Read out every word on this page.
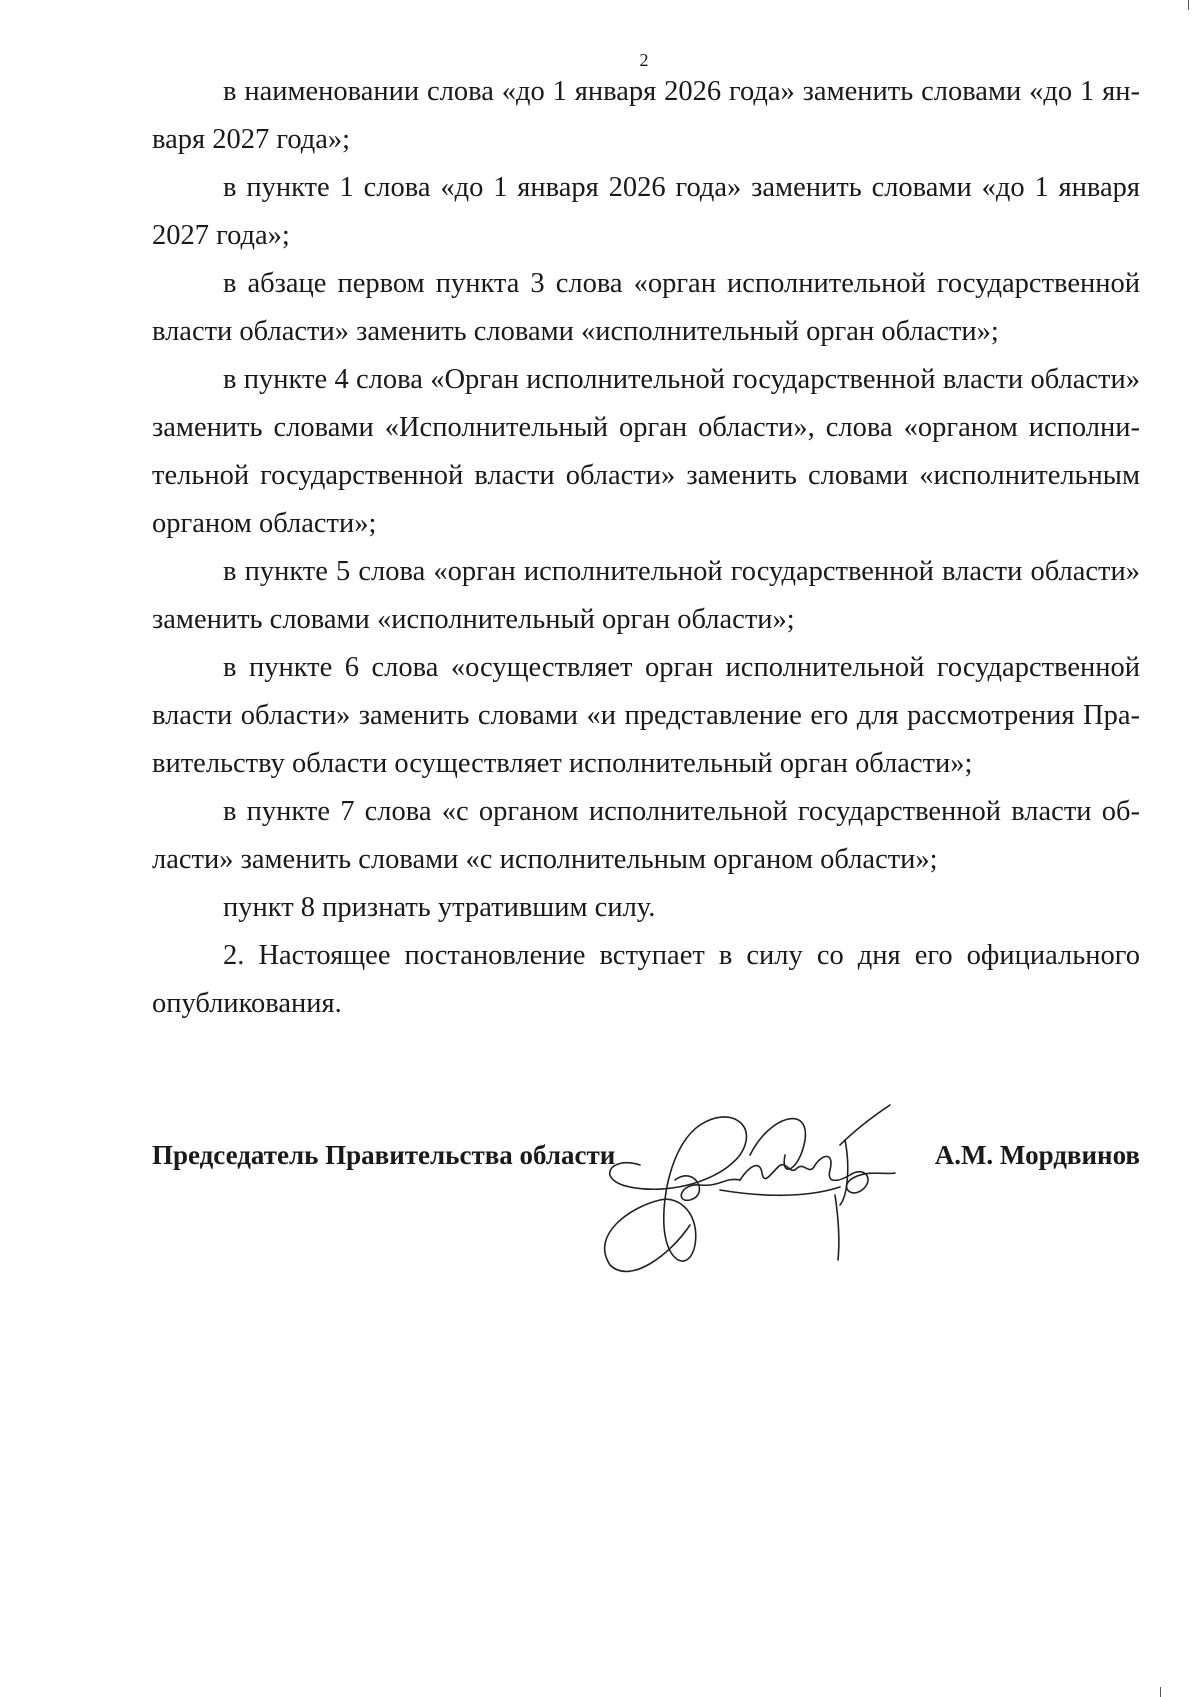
2

в наименовании слова «до 1 января 2026 года» заменить словами «до 1 января 2027 года»;

в пункте 1 слова «до 1 января 2026 года» заменить словами «до 1 января 2027 года»;

в абзаце первом пункта 3 слова «орган исполнительной государственной власти области» заменить словами «исполнительный орган области»;

в пункте 4 слова «Орган исполнительной государственной власти области» заменить словами «Исполнительный орган области», слова «органом исполнительной государственной власти области» заменить словами «исполнительным органом области»;

в пункте 5 слова «орган исполнительной государственной власти области» заменить словами «исполнительный орган области»;

в пункте 6 слова «осуществляет орган исполнительной государственной власти области» заменить словами «и представление его для рассмотрения Правительству области осуществляет исполнительный орган области»;

в пункте 7 слова «с органом исполнительной государственной власти области» заменить словами «с исполнительным органом области»;

пункт 8 признать утратившим силу.

2. Настоящее постановление вступает в силу со дня его официального опубликования.

Председатель Правительства области	А.М. Мордвинов
